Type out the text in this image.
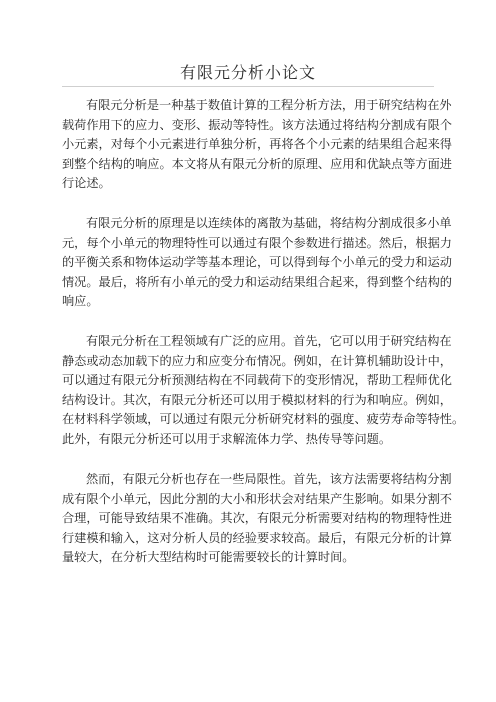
有限元分析小论文
有限元分析是一种基于数值计算的工程分析方法，用于研究结构在外
载荷作用下的应力、变形、振动等特性。该方法通过将结构分割成有限个
小元素，对每个小元素进行单独分析，再将各个小元素的结果组合起来得
到整个结构的响应。本文将从有限元分析的原理、应用和优缺点等方面进
行论述。
有限元分析的原理是以连续体的离散为基础，将结构分割成很多小单
元，每个小单元的物理特性可以通过有限个参数进行描述。然后，根据力
的平衡关系和物体运动学等基本理论，可以得到每个小单元的受力和运动
情况。最后，将所有小单元的受力和运动结果组合起来，得到整个结构的
响应。
有限元分析在工程领域有广泛的应用。首先，它可以用于研究结构在
静态或动态加载下的应力和应变分布情况。例如，在计算机辅助设计中，
可以通过有限元分析预测结构在不同载荷下的变形情况，帮助工程师优化
结构设计。其次，有限元分析还可以用于模拟材料的行为和响应。例如，
在材料科学领域，可以通过有限元分析研究材料的强度、疲劳寿命等特性。
此外，有限元分析还可以用于求解流体力学、热传导等问题。
然而，有限元分析也存在一些局限性。首先，该方法需要将结构分割
成有限个小单元，因此分割的大小和形状会对结果产生影响。如果分割不
合理，可能导致结果不准确。其次，有限元分析需要对结构的物理特性进
行建模和输入，这对分析人员的经验要求较高。最后，有限元分析的计算
量较大，在分析大型结构时可能需要较长的计算时间。
